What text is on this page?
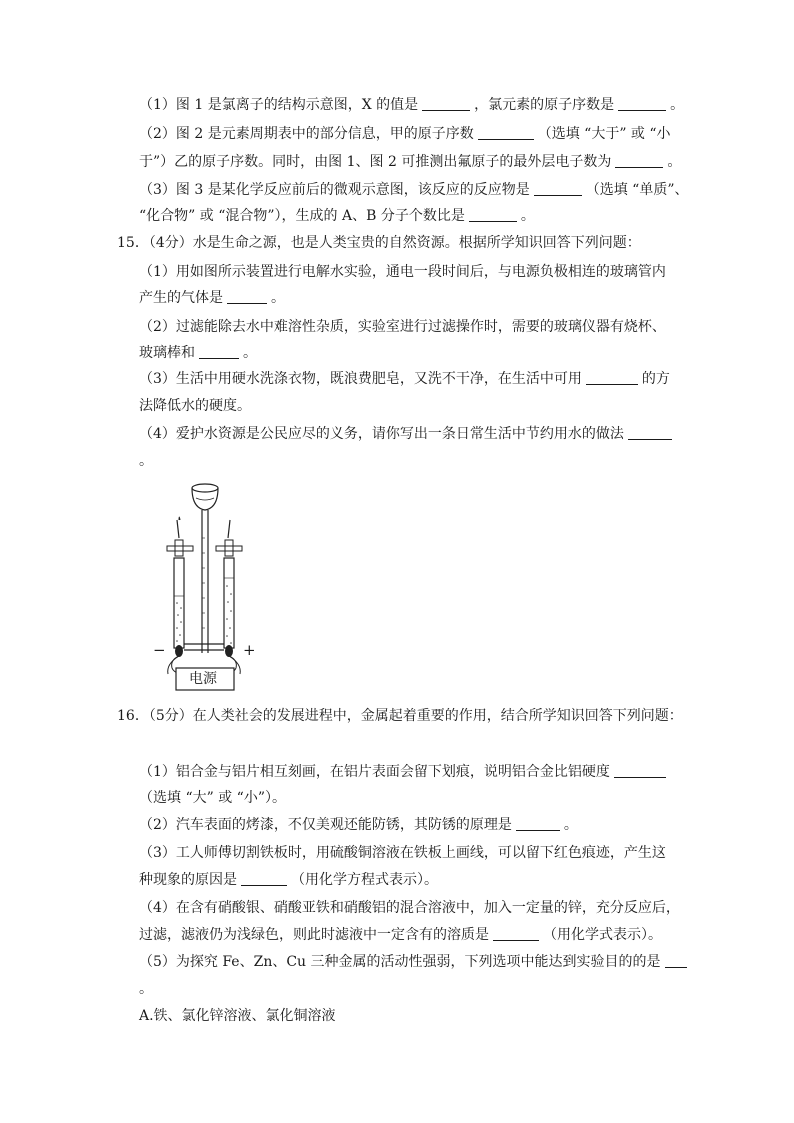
（1）图 1 是氯离子的结构示意图，X 的值是	，氯元素的原子序数是	。
（2）图 2 是元素周期表中的部分信息，甲的原子序数	（选填 “大于” 或 “小
于”）乙的原子序数。同时，由图 1、图 2 可推测出氟原子的最外层电子数为	。
（3）图 3 是某化学反应前后的微观示意图，该反应的反应物是	（选填 “单质”、
“化合物” 或 “混合物”），生成的 A、B 分子个数比是	。
15．（4分）水是生命之源，也是人类宝贵的自然资源。根据所学知识回答下列问题：
（1）用如图所示装置进行电解水实验，通电一段时间后，与电源负极相连的玻璃管内
产生的气体是	。
（2）过滤能除去水中难溶性杂质，实验室进行过滤操作时，需要的玻璃仪器有烧杯、
玻璃棒和	。
（3）生活中用硬水洗涤衣物，既浪费肥皂，又洗不干净，在生活中可用	的方
法降低水的硬度。
（4）爱护水资源是公民应尽的义务，请你写出一条日常生活中节约用水的做法
。
电源
−	+
16．（5分）在人类社会的发展进程中，金属起着重要的作用，结合所学知识回答下列问题：
（1）铝合金与铝片相互刻画，在铝片表面会留下划痕，说明铝合金比铝硬度
（选填 “大” 或 “小”）。
（2）汽车表面的烤漆，不仅美观还能防锈，其防锈的原理是	。
（3）工人师傅切割铁板时，用硫酸铜溶液在铁板上画线，可以留下红色痕迹，产生这
种现象的原因是	（用化学方程式表示）。
（4）在含有硝酸银、硝酸亚铁和硝酸铝的混合溶液中，加入一定量的锌，充分反应后，
过滤，滤液仍为浅绿色，则此时滤液中一定含有的溶质是	（用化学式表示）。
（5）为探究 Fe、Zn、Cu 三种金属的活动性强弱，下列选项中能达到实验目的的是
。
A.铁、氯化锌溶液、氯化铜溶液
